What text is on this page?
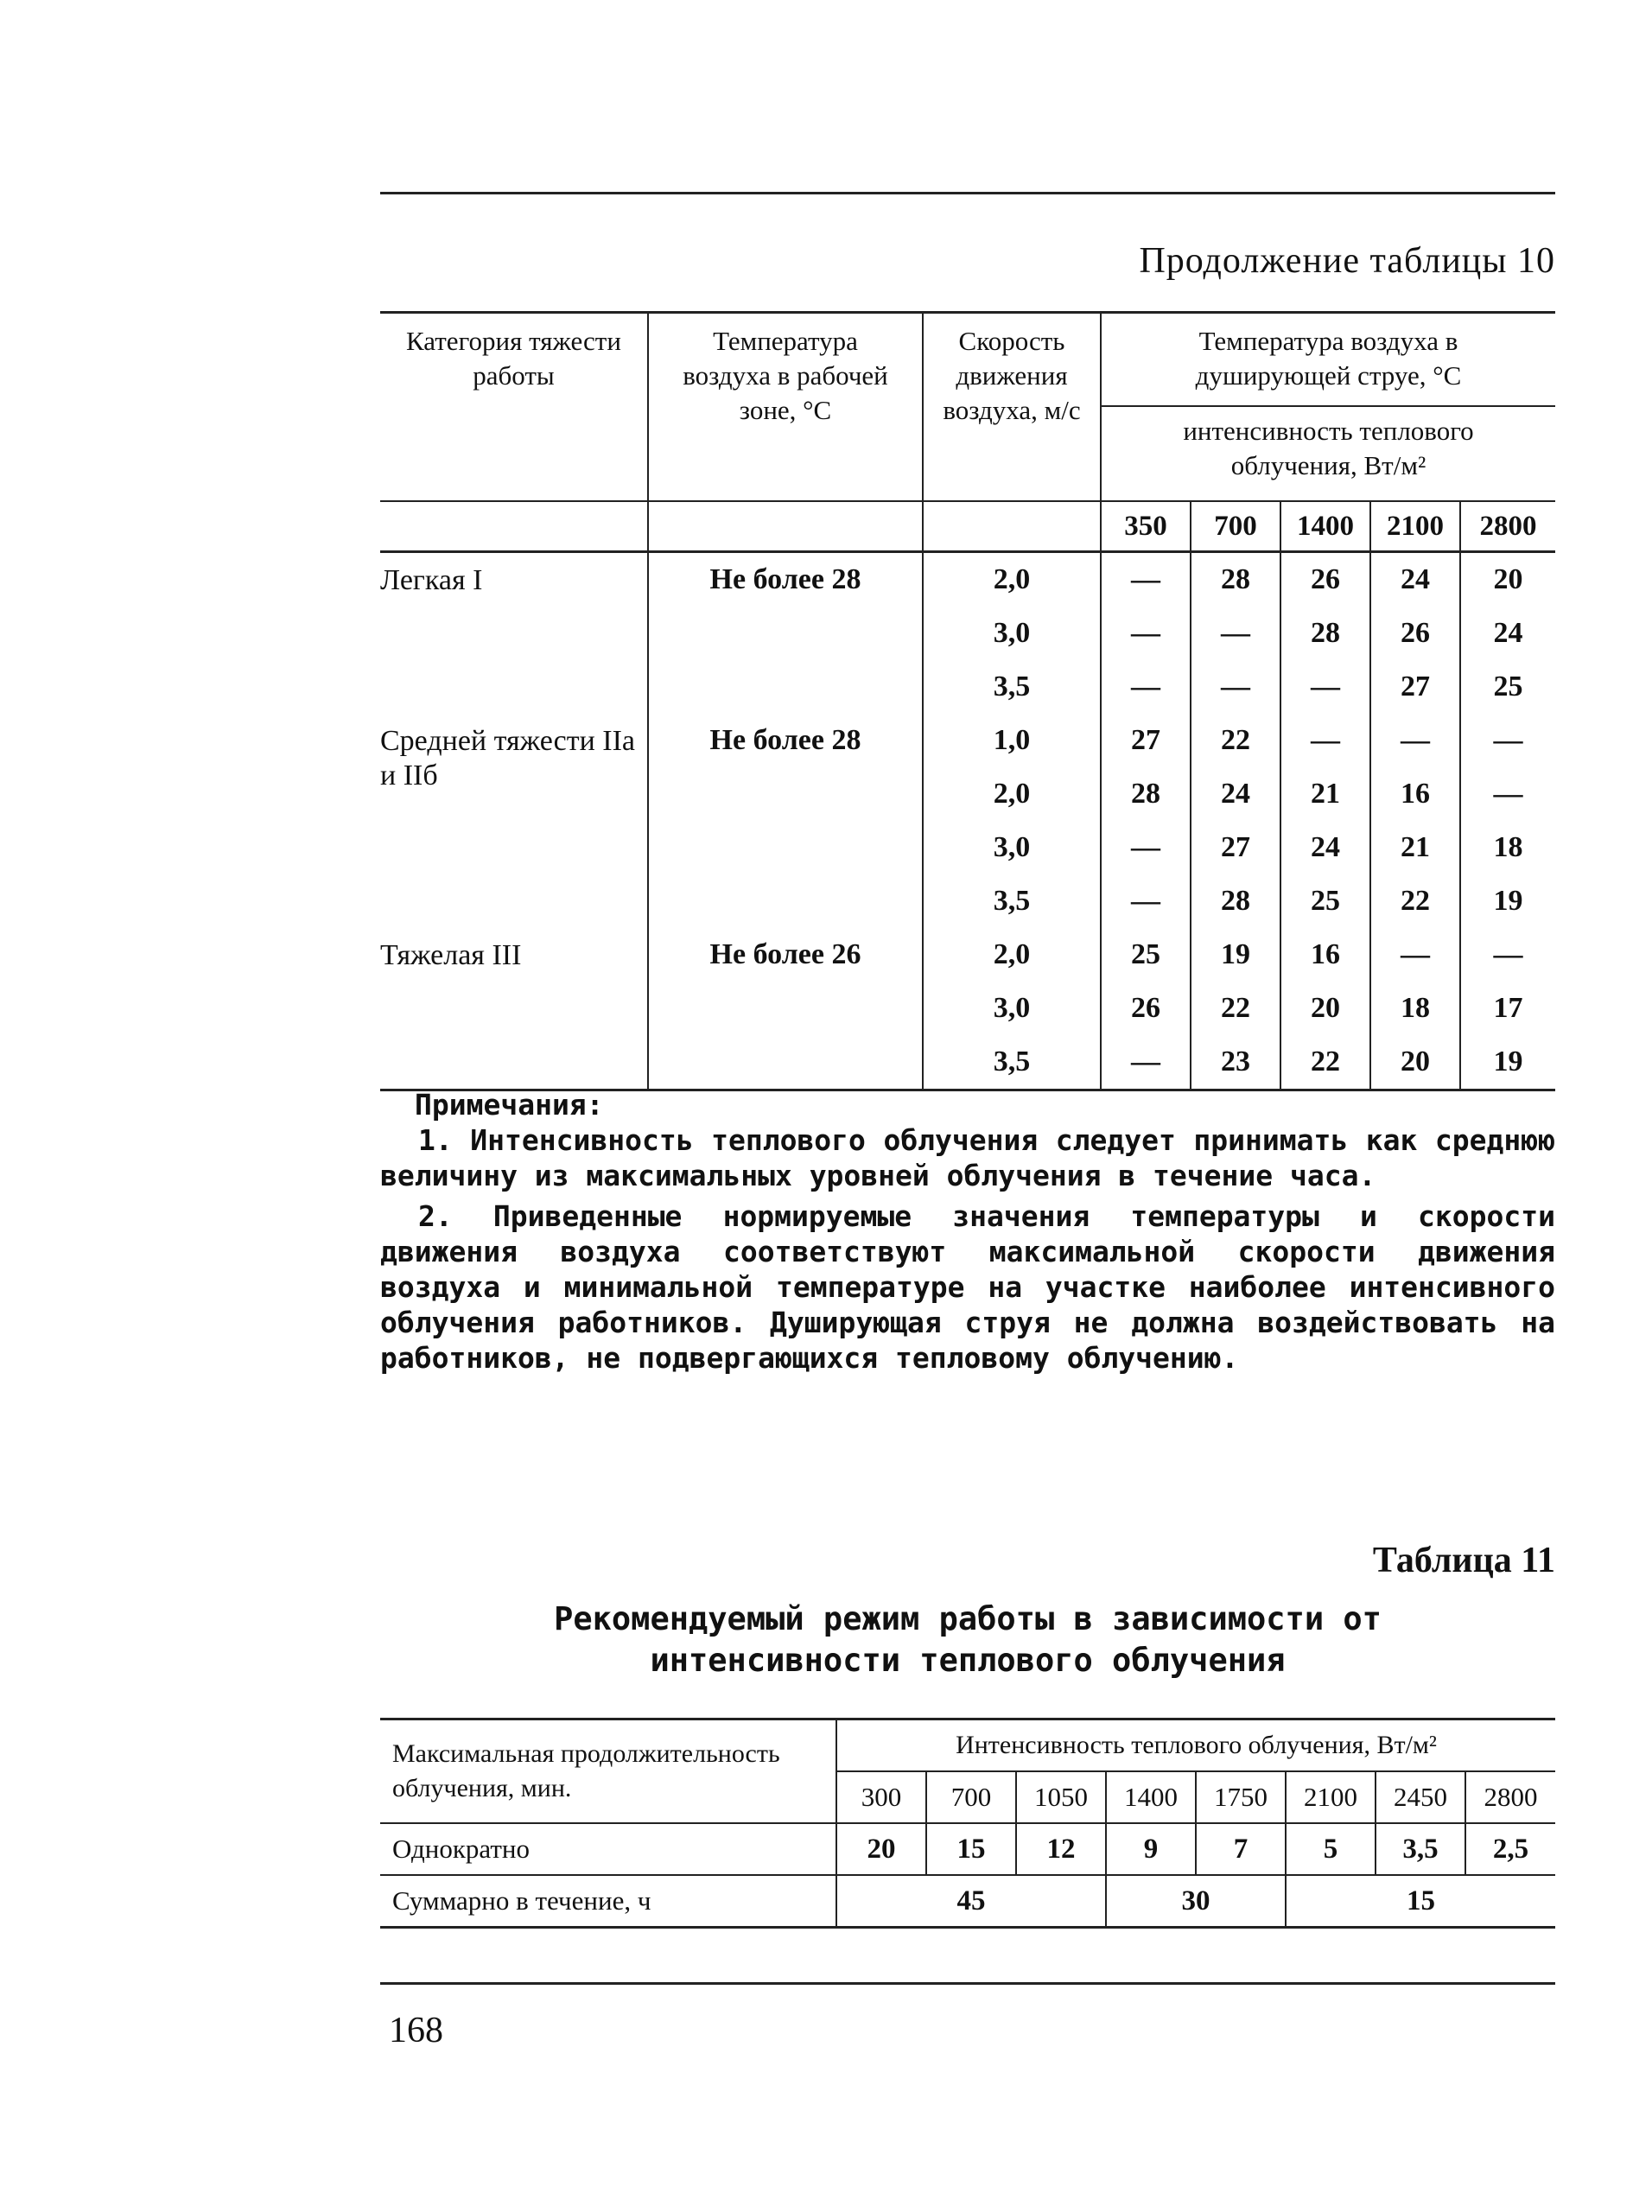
Продолжение таблицы 10
Категория тяжести работы	Температура воздуха в рабочей зоне, °С	Скорость движения воздуха, м/с	Температура воздуха в душирующей струе, °С				
			интенсивность теплового облучения, Вт/м²				
			350	700	1400	2100	2800
Легкая I	Не более 28	2,0	—	28	26	24	20
		3,0	—	—	28	26	24
		3,5	—	—	—	27	25
Средней тяжести IIа и IIб	Не более 28	1,0	27	22	—	—	—
		2,0	28	24	21	16	—
		3,0	—	27	24	21	18
		3,5	—	28	25	22	19
Тяжелая III	Не более 26	2,0	25	19	16	—	—
		3,0	26	22	20	18	17
		3,5	—	23	22	20	19
Примечания:

1. Интенсивность теплового облучения следует принимать как среднюю величину из максимальных уровней облучения в течение часа.

2. Приведенные нормируемые значения температуры и скорости движения воздуха соответствуют максимальной скорости движения воздуха и минимальной температуре на участке наиболее интенсивного облучения работников. Душирующая струя не должна воздействовать на работников, не подвергающихся тепловому облучению.

Таблица 11
Рекомендуемый режим работы в зависимости от
интенсивности теплового облучения
Максимальная продолжительность облучения, мин.	Интенсивность теплового облучения, Вт/м²							
	300	700	1050	1400	1750	2100	2450	2800
Однократно	20	15	12	9	7	5	3,5	2,5
Суммарно в течение, ч	45			30		15		
168
